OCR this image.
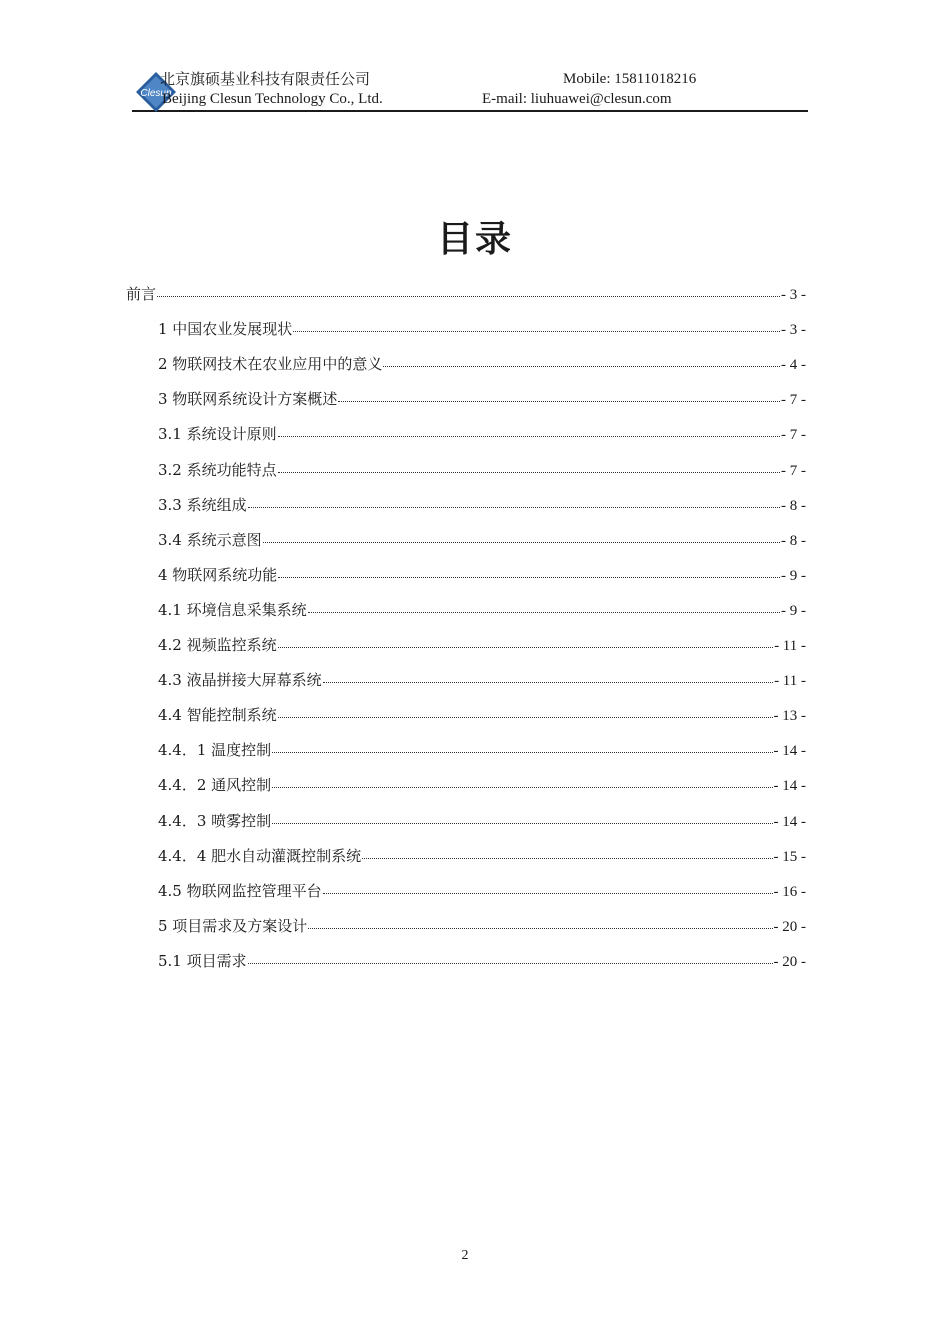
Clesun
北京旗硕基业科技有限责任公司
Beijing Clesun Technology Co., Ltd.
Mobile: 15811018216
E-mail: liuhuawei@clesun.com
目录
前言	- 3 -
1 中国农业发展现状	- 3 -
2 物联网技术在农业应用中的意义	- 4 -
3 物联网系统设计方案概述	- 7 -
3.1 系统设计原则	- 7 -
3.2 系统功能特点	- 7 -
3.3 系统组成	- 8 -
3.4 系统示意图	- 8 -
4 物联网系统功能	- 9 -
4.1 环境信息采集系统	- 9 -
4.2 视频监控系统	- 11 -
4.3 液晶拼接大屏幕系统	- 11 -
4.4 智能控制系统	- 13 -
4.4．1 温度控制	- 14 -
4.4．2 通风控制	- 14 -
4.4．3 喷雾控制	- 14 -
4.4．4 肥水自动灌溉控制系统	- 15 -
4.5 物联网监控管理平台	- 16 -
5 项目需求及方案设计	- 20 -
5.1 项目需求	- 20 -
2
